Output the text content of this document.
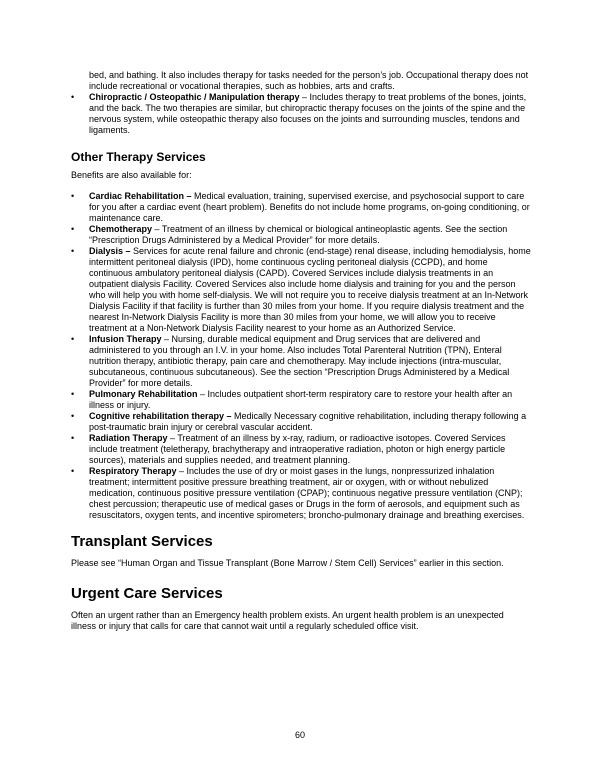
bed, and bathing. It also includes therapy for tasks needed for the person’s job. Occupational therapy does not include recreational or vocational therapies, such as hobbies, arts and crafts.

•	Chiropractic / Osteopathic / Manipulation therapy – Includes therapy to treat problems of the bones, joints, and the back. The two therapies are similar, but chiropractic therapy focuses on the joints of the spine and the nervous system, while osteopathic therapy also focuses on the joints and surrounding muscles, tendons and ligaments.
Other Therapy Services

Benefits are also available for:

•	Cardiac Rehabilitation – Medical evaluation, training, supervised exercise, and psychosocial support to care for you after a cardiac event (heart problem). Benefits do not include home programs, on-going conditioning, or maintenance care.
•	Chemotherapy – Treatment of an illness by chemical or biological antineoplastic agents. See the section “Prescription Drugs Administered by a Medical Provider” for more details.
•	Dialysis – Services for acute renal failure and chronic (end-stage) renal disease, including hemodialysis, home intermittent peritoneal dialysis (IPD), home continuous cycling peritoneal dialysis (CCPD), and home continuous ambulatory peritoneal dialysis (CAPD). Covered Services include dialysis treatments in an outpatient dialysis Facility. Covered Services also include home dialysis and training for you and the person who will help you with home self-dialysis. We will not require you to receive dialysis treatment at an In-Network Dialysis Facility if that facility is further than 30 miles from your home. If you require dialysis treatment and the nearest In-Network Dialysis Facility is more than 30 miles from your home, we will allow you to receive treatment at a Non-Network Dialysis Facility nearest to your home as an Authorized Service.
•	Infusion Therapy – Nursing, durable medical equipment and Drug services that are delivered and administered to you through an I.V. in your home. Also includes Total Parenteral Nutrition (TPN), Enteral nutrition therapy, antibiotic therapy, pain care and chemotherapy. May include injections (intra-muscular, subcutaneous, continuous subcutaneous). See the section “Prescription Drugs Administered by a Medical Provider” for more details.
•	Pulmonary Rehabilitation – Includes outpatient short-term respiratory care to restore your health after an illness or injury.
•	Cognitive rehabilitation therapy – Medically Necessary cognitive rehabilitation, including therapy following a post-traumatic brain injury or cerebral vascular accident.
•	Radiation Therapy – Treatment of an illness by x-ray, radium, or radioactive isotopes. Covered Services include treatment (teletherapy, brachytherapy and intraoperative radiation, photon or high energy particle sources), materials and supplies needed, and treatment planning.
•	Respiratory Therapy – Includes the use of dry or moist gases in the lungs, nonpressurized inhalation treatment; intermittent positive pressure breathing treatment, air or oxygen, with or without nebulized medication, continuous positive pressure ventilation (CPAP); continuous negative pressure ventilation (CNP); chest percussion; therapeutic use of medical gases or Drugs in the form of aerosols, and equipment such as resuscitators, oxygen tents, and incentive spirometers; broncho-pulmonary drainage and breathing exercises.
Transplant Services

Please see “Human Organ and Tissue Transplant (Bone Marrow / Stem Cell) Services” earlier in this section.

Urgent Care Services

Often an urgent rather than an Emergency health problem exists. An urgent health problem is an unexpected illness or injury that calls for care that cannot wait until a regularly scheduled office visit.

60
